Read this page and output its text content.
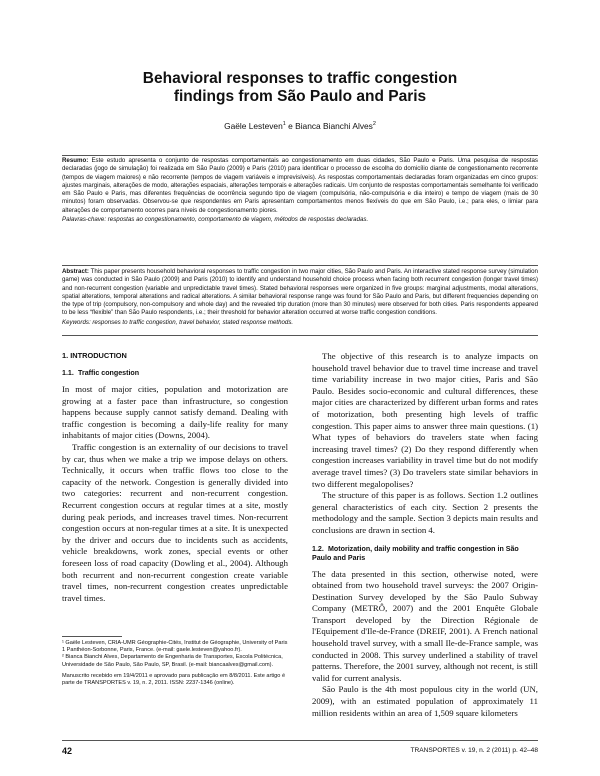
Behavioral responses to traffic congestion
findings from São Paulo and Paris
Gaële Lesteven$^1$ e Bianca Bianchi Alves$^2$
Resumo: Este estudo apresenta o conjunto de respostas comportamentais ao congestionamento em duas cidades, São Paulo e Paris. Uma pesquisa de respostas declaradas (jogo de simulação) foi realizada em São Paulo (2009) e Paris (2010) para identificar o processo de escolha do domicílio diante de congestionamento recorrente (tempos de viagem maiores) e não recorrente (tempos de viagem variáveis e imprevisíveis). As respostas comportamentais declaradas foram organizadas em cinco grupos: ajustes marginais, alterações de modo, alterações espaciais, alterações temporais e alterações radicais. Um conjunto de respostas comportamentais semelhante foi verificado em São Paulo e Paris, mas diferentes frequências de ocorrência segundo tipo de viagem (compulsória, não-compulsória e dia inteiro) e tempo de viagem (mais de 30 minutos) foram observadas. Observou-se que respondentes em Paris apresentam comportamentos menos flexíveis do que em São Paulo, i.e.; para eles, o limiar para alterações de comportamento ocorres para níveis de congestionamento piores.
Palavras-chave: respostas ao congestionamento, comportamento de viagem, métodos de respostas declaradas.
Abstract: This paper presents household behavioral responses to traffic congestion in two major cities, São Paulo and Paris. An interactive stated response survey (simulation game) was conducted in São Paulo (2009) and Paris (2010) to identify and understand household choice process when facing both recurrent congestion (longer travel times) and non-recurrent congestion (variable and unpredictable travel times). Stated behavioral responses were organized in five groups: marginal adjustments, modal alterations, spatial alterations, temporal alterations and radical alterations. A similar behavioral response range was found for São Paulo and Paris, but different frequencies depending on the type of trip (compulsory, non-compulsory and whole day) and the revealed trip duration (more than 30 minutes) were observed for both cities. Paris respondents appeared to be less “flexible” than São Paulo respondents, i.e.; their threshold for behavior alteration occurred at worse traffic congestion conditions.
Keywords: responses to traffic congestion, travel behavior, stated response methods.
1. INTRODUCTION
1.1. Traffic congestion

In most of major cities, population and motorization are growing at a faster pace than infrastructure, so congestion happens because supply cannot satisfy demand. Dealing with traffic congestion is becoming a daily-life reality for many inhabitants of major cities (Downs, 2004).

Traffic congestion is an externality of our decisions to travel by car, thus when we make a trip we impose delays on others. Technically, it occurs when traffic flows too close to the capacity of the network. Congestion is generally divided into two categories: recurrent and non-recurrent congestion. Recurrent congestion occurs at regular times at a site, mostly during peak periods, and increases travel times. Non-recurrent congestion occurs at non-regular times at a site. It is unexpected by the driver and occurs due to incidents such as accidents, vehicle breakdowns, work zones, special events or other foreseen loss of road capacity (Dowling et al., 2004). Although both recurrent and non-recurrent congestion create variable travel times, non-recurrent congestion creates unpredictable travel times.

¹ Gaële Lesteven, CRIA-UMR Géographie-Cités, Institut de Géographie, University of Paris 1 Panthéon-Sorbonne, Paris, France. (e-mail: gaele.lesteven@yahoo.fr).
² Bianca Bianchi Alves, Departamento de Engenharia de Transportes, Escola Politécnica, Universidade de São Paulo, São Paulo, SP, Brasil. (e-mail: biancaalves@gmail.com).
Manuscrito recebido em 19/4/2011 e aprovado para publicação em 8/8/2011. Este artigo é parte de TRANSPORTES v. 19, n. 2, 2011. ISSN: 2237-1346 (online).

The objective of this research is to analyze impacts on household travel behavior due to travel time increase and travel time variability increase in two major cities, Paris and São Paulo. Besides socio-economic and cultural differences, these major cities are characterized by different urban forms and rates of motorization, both presenting high levels of traffic congestion. This paper aims to answer three main questions. (1) What types of behaviors do travelers state when facing increasing travel times? (2) Do they respond differently when congestion increases variability in travel time but do not modify average travel times? (3) Do travelers state similar behaviors in two different megalopolises?

The structure of this paper is as follows. Section 1.2 outlines general characteristics of each city. Section 2 presents the methodology and the sample. Section 3 depicts main results and conclusions are drawn in section 4.

1.2. Motorization, daily mobility and traffic congestion in São Paulo and Paris

The data presented in this section, otherwise noted, were obtained from two household travel surveys: the 2007 Origin-Destination Survey developed by the São Paulo Subway Company (METRÔ, 2007) and the 2001 Enquête Globale Transport developed by the Direction Régionale de l'Equipement d'Ile-de-France (DREIF, 2001). A French national household travel survey, with a small Ile-de-France sample, was conducted in 2008. This survey underlined a stability of travel patterns. Therefore, the 2001 survey, although not recent, is still valid for current analysis.

São Paulo is the 4th most populous city in the world (UN, 2009), with an estimated population of approximately 11 million residents within an area of 1,509 square kilometers

42	TRANSPORTES v. 19, n. 2 (2011) p. 42–48
